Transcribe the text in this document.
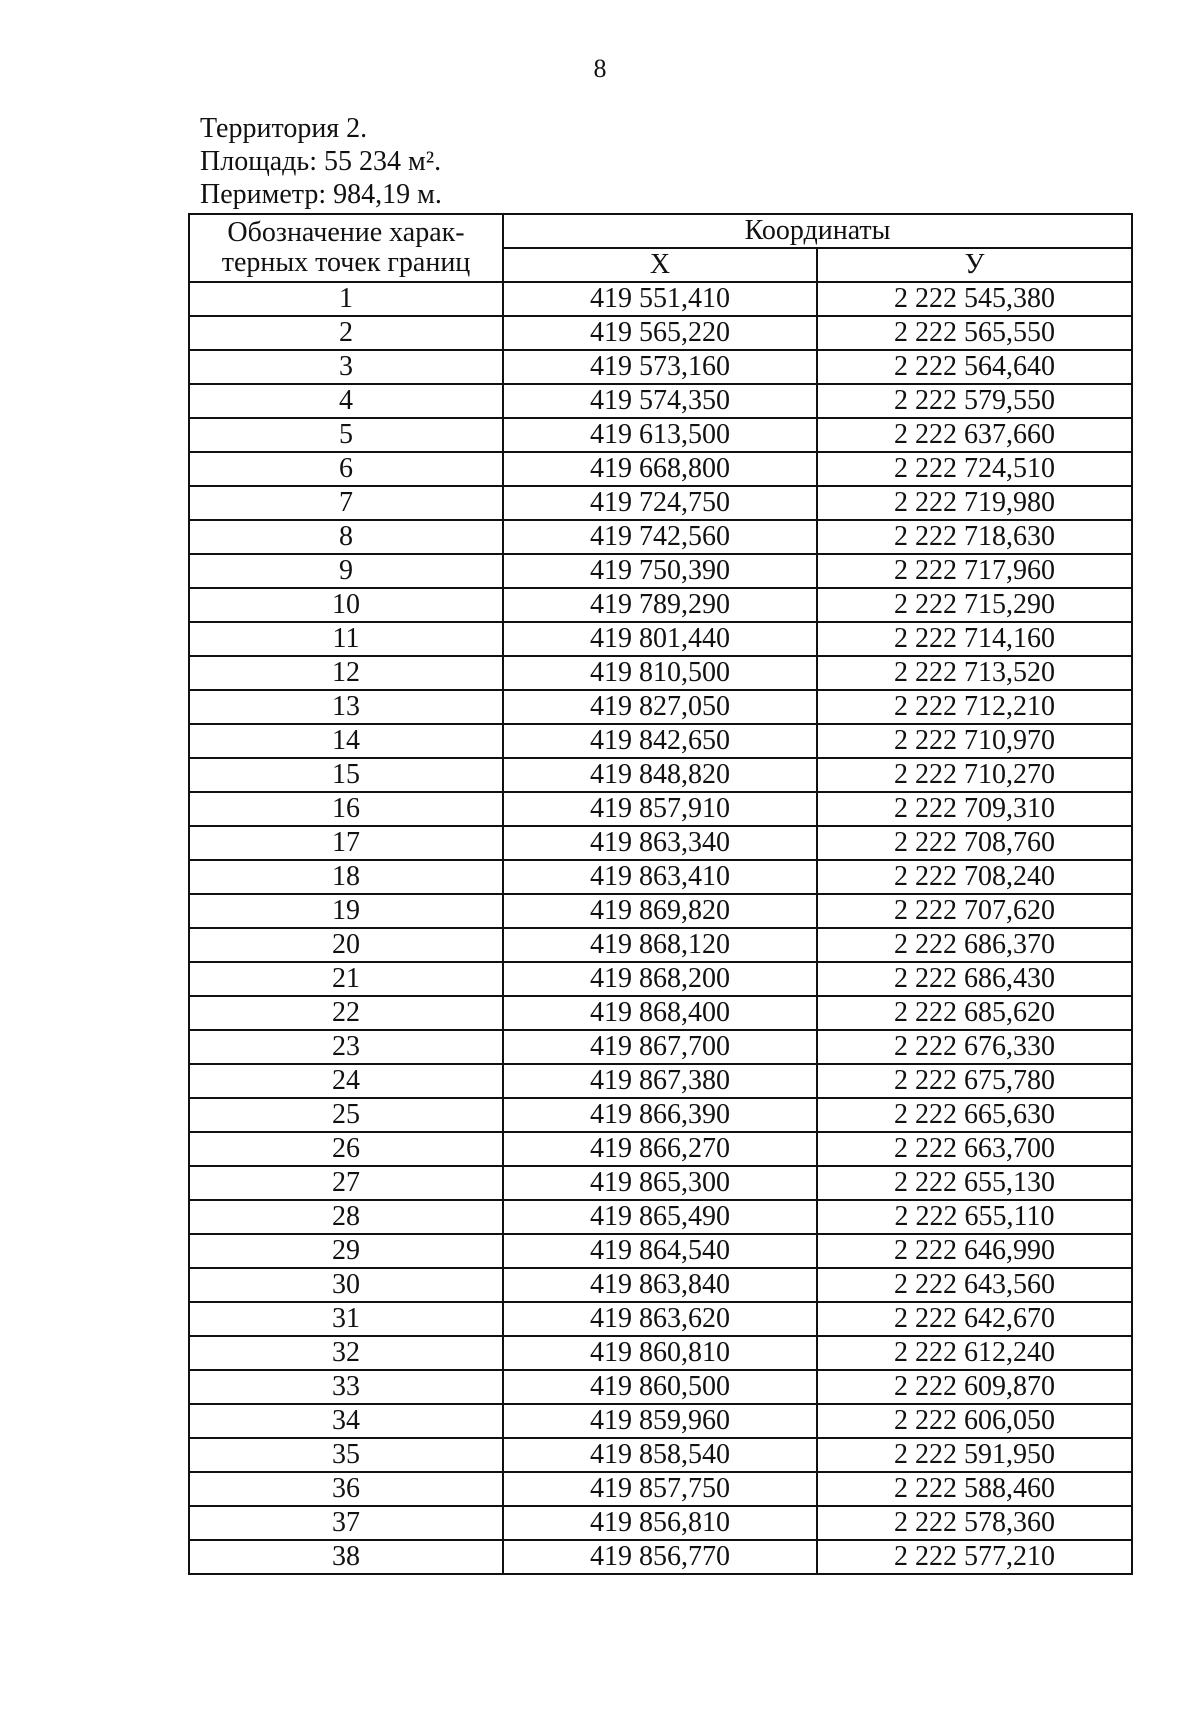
8
Территория 2.
Площадь: 55 234 м².
Периметр: 984,19 м.
Обозначение харак-
терных точек границ	Координаты	
	X	У
1	419 551,410	2 222 545,380
2	419 565,220	2 222 565,550
3	419 573,160	2 222 564,640
4	419 574,350	2 222 579,550
5	419 613,500	2 222 637,660
6	419 668,800	2 222 724,510
7	419 724,750	2 222 719,980
8	419 742,560	2 222 718,630
9	419 750,390	2 222 717,960
10	419 789,290	2 222 715,290
11	419 801,440	2 222 714,160
12	419 810,500	2 222 713,520
13	419 827,050	2 222 712,210
14	419 842,650	2 222 710,970
15	419 848,820	2 222 710,270
16	419 857,910	2 222 709,310
17	419 863,340	2 222 708,760
18	419 863,410	2 222 708,240
19	419 869,820	2 222 707,620
20	419 868,120	2 222 686,370
21	419 868,200	2 222 686,430
22	419 868,400	2 222 685,620
23	419 867,700	2 222 676,330
24	419 867,380	2 222 675,780
25	419 866,390	2 222 665,630
26	419 866,270	2 222 663,700
27	419 865,300	2 222 655,130
28	419 865,490	2 222 655,110
29	419 864,540	2 222 646,990
30	419 863,840	2 222 643,560
31	419 863,620	2 222 642,670
32	419 860,810	2 222 612,240
33	419 860,500	2 222 609,870
34	419 859,960	2 222 606,050
35	419 858,540	2 222 591,950
36	419 857,750	2 222 588,460
37	419 856,810	2 222 578,360
38	419 856,770	2 222 577,210
